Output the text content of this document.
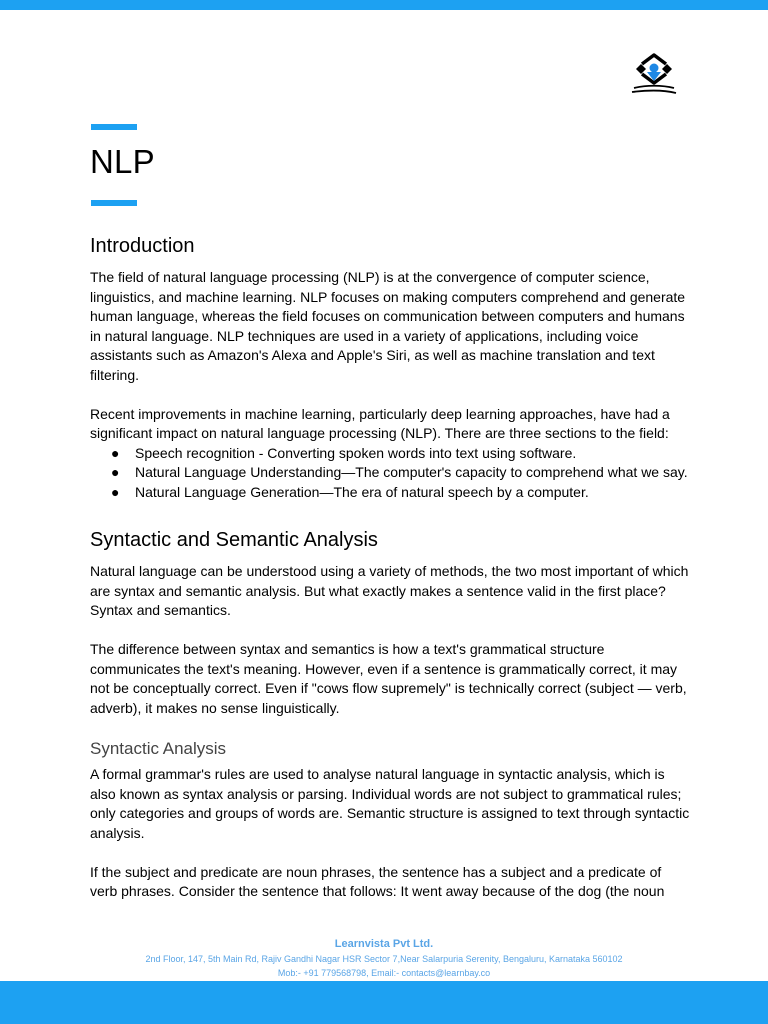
NLP
Introduction

The field of natural language processing (NLP) is at the convergence of computer science, linguistics, and machine learning. NLP focuses on making computers comprehend and generate human language, whereas the field focuses on communication between computers and humans in natural language. NLP techniques are used in a variety of applications, including voice assistants such as Amazon's Alexa and Apple's Siri, as well as machine translation and text filtering.

Recent improvements in machine learning, particularly deep learning approaches, have had a significant impact on natural language processing (NLP). There are three sections to the field:

● Speech recognition - Converting spoken words into text using software.
● Natural Language Understanding—The computer's capacity to comprehend what we say.
● Natural Language Generation—The era of natural speech by a computer.
Syntactic and Semantic Analysis

Natural language can be understood using a variety of methods, the two most important of which are syntax and semantic analysis. But what exactly makes a sentence valid in the first place? Syntax and semantics.

The difference between syntax and semantics is how a text's grammatical structure communicates the text's meaning. However, even if a sentence is grammatically correct, it may not be conceptually correct. Even if "cows flow supremely" is technically correct (subject — verb, adverb), it makes no sense linguistically.

Syntactic Analysis

A formal grammar's rules are used to analyse natural language in syntactic analysis, which is also known as syntax analysis or parsing. Individual words are not subject to grammatical rules; only categories and groups of words are. Semantic structure is assigned to text through syntactic analysis.

If the subject and predicate are noun phrases, the sentence has a subject and a predicate of verb phrases. Consider the sentence that follows: It went away because of the dog (the noun

Learnvista Pvt Ltd.
2nd Floor, 147, 5th Main Rd, Rajiv Gandhi Nagar HSR Sector 7,Near Salarpuria Serenity, Bengaluru, Karnataka 560102
Mob:- +91 779568798, Email:- contacts@learnbay.co
